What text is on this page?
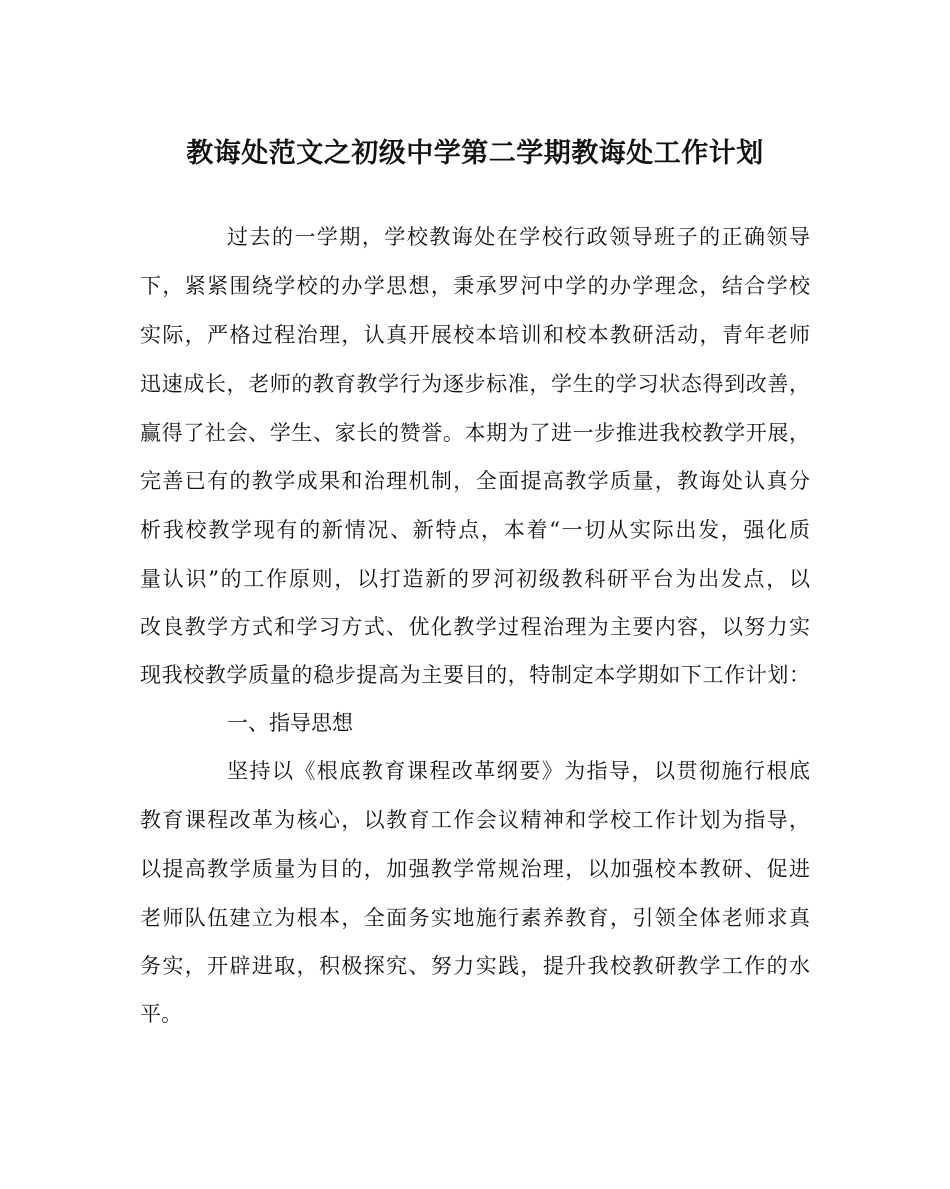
教诲处范文之初级中学第二学期教诲处工作计划
过去的一学期，学校教诲处在学校行政领导班子的正确领导
下，紧紧围绕学校的办学思想，秉承罗河中学的办学理念，结合学校
实际，严格过程治理，认真开展校本培训和校本教研活动，青年老师
迅速成长，老师的教育教学行为逐步标准，学生的学习状态得到改善，
赢得了社会、学生、家长的赞誉。本期为了进一步推进我校教学开展，
完善已有的教学成果和治理机制，全面提高教学质量，教诲处认真分
析我校教学现有的新情况、新特点，本着“一切从实际出发，强化质
量认识”的工作原则，以打造新的罗河初级教科研平台为出发点，以
改良教学方式和学习方式、优化教学过程治理为主要内容，以努力实
现我校教学质量的稳步提高为主要目的，特制定本学期如下工作计划：
一、指导思想
坚持以《根底教育课程改革纲要》为指导，以贯彻施行根底
教育课程改革为核心，以教育工作会议精神和学校工作计划为指导，
以提高教学质量为目的，加强教学常规治理，以加强校本教研、促进
老师队伍建立为根本，全面务实地施行素养教育，引领全体老师求真
务实，开辟进取，积极探究、努力实践，提升我校教研教学工作的水
平。
